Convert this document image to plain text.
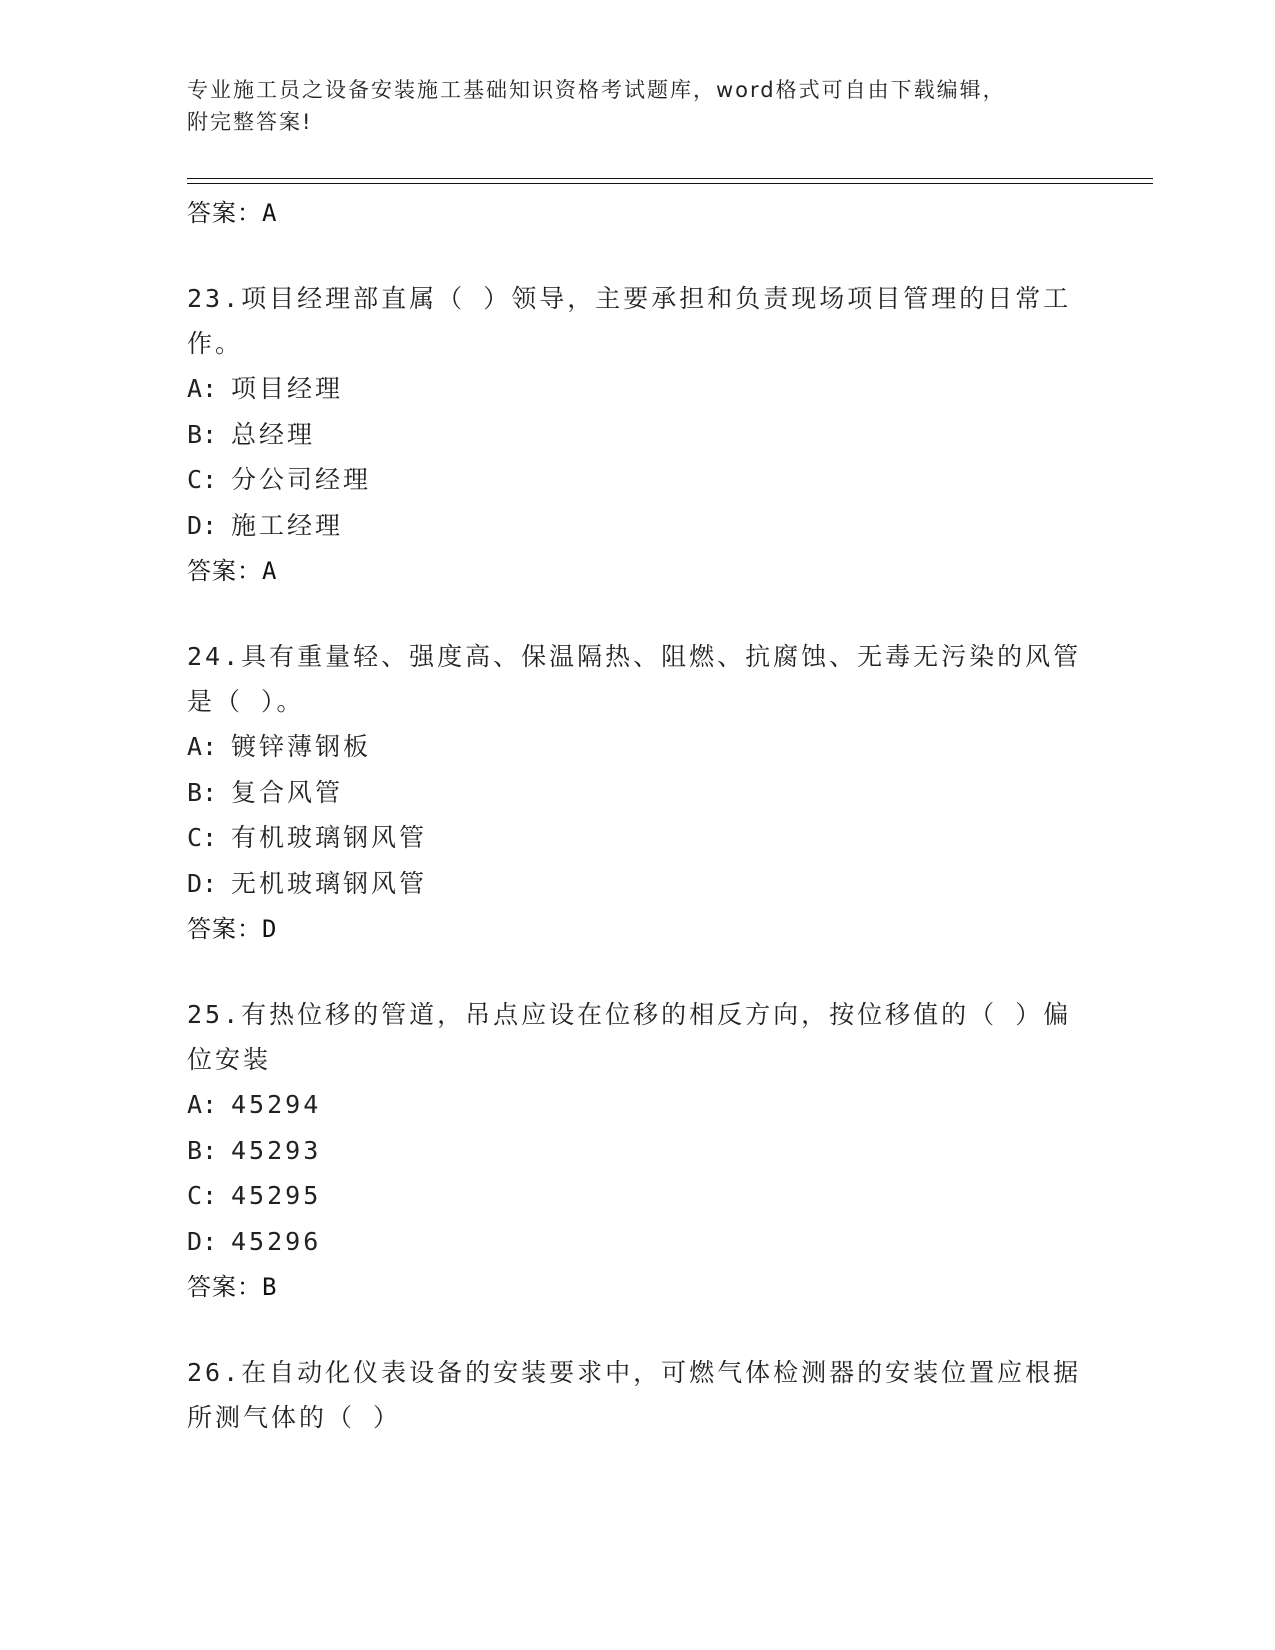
专业施工员之设备安装施工基础知识资格考试题库，word格式可自由下载编辑，
附完整答案!
答案：A
23.项目经理部直属（ ）领导，主要承担和负责现场项目管理的日常工作。
A: 项目经理
B: 总经理
C: 分公司经理
D: 施工经理
答案：A
24.具有重量轻、强度高、保温隔热、阻燃、抗腐蚀、无毒无污染的风管是（ ）。
A: 镀锌薄钢板
B: 复合风管
C: 有机玻璃钢风管
D: 无机玻璃钢风管
答案：D
25.有热位移的管道，吊点应设在位移的相反方向，按位移值的（ ）偏位安装
A: 45294
B: 45293
C: 45295
D: 45296
答案：B
26.在自动化仪表设备的安装要求中，可燃气体检测器的安装位置应根据所测气体的（ ）
